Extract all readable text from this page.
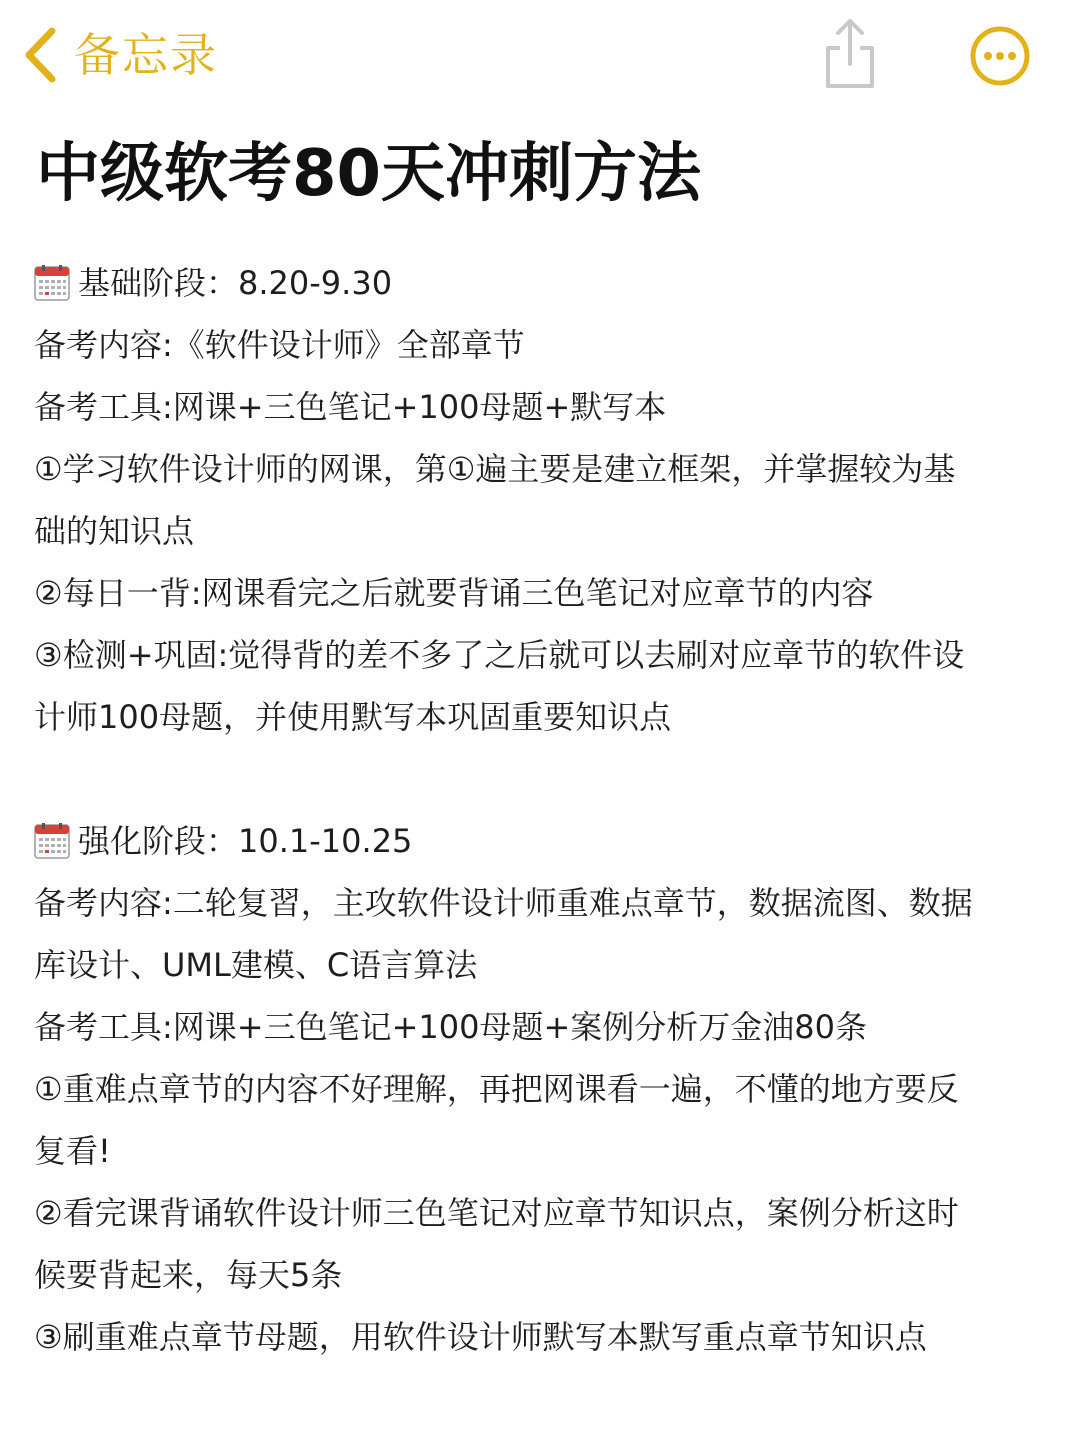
备忘录
中级软考80天冲刺方法
基础阶段：8.20-9.30
备考内容:《软件设计师》全部章节
备考工具:网课+三色笔记+100母题+默写本
①学习软件设计师的网课，第①遍主要是建立框架，并掌握较为基
础的知识点
②每日一背:网课看完之后就要背诵三色笔记对应章节的内容
③检测+巩固:觉得背的差不多了之后就可以去刷对应章节的软件设
计师100母题，并使用默写本巩固重要知识点
强化阶段：10.1-10.25
备考内容:二轮复習，主攻软件设计师重难点章节，数据流图、数据
库设计、UML建模、C语言算法
备考工具:网课+三色笔记+100母题+案例分析万金油80条
①重难点章节的内容不好理解，再把网课看一遍，不懂的地方要反
复看!
②看完课背诵软件设计师三色笔记对应章节知识点，案例分析这时
候要背起来，每天5条
③刷重难点章节母题，用软件设计师默写本默写重点章节知识点
